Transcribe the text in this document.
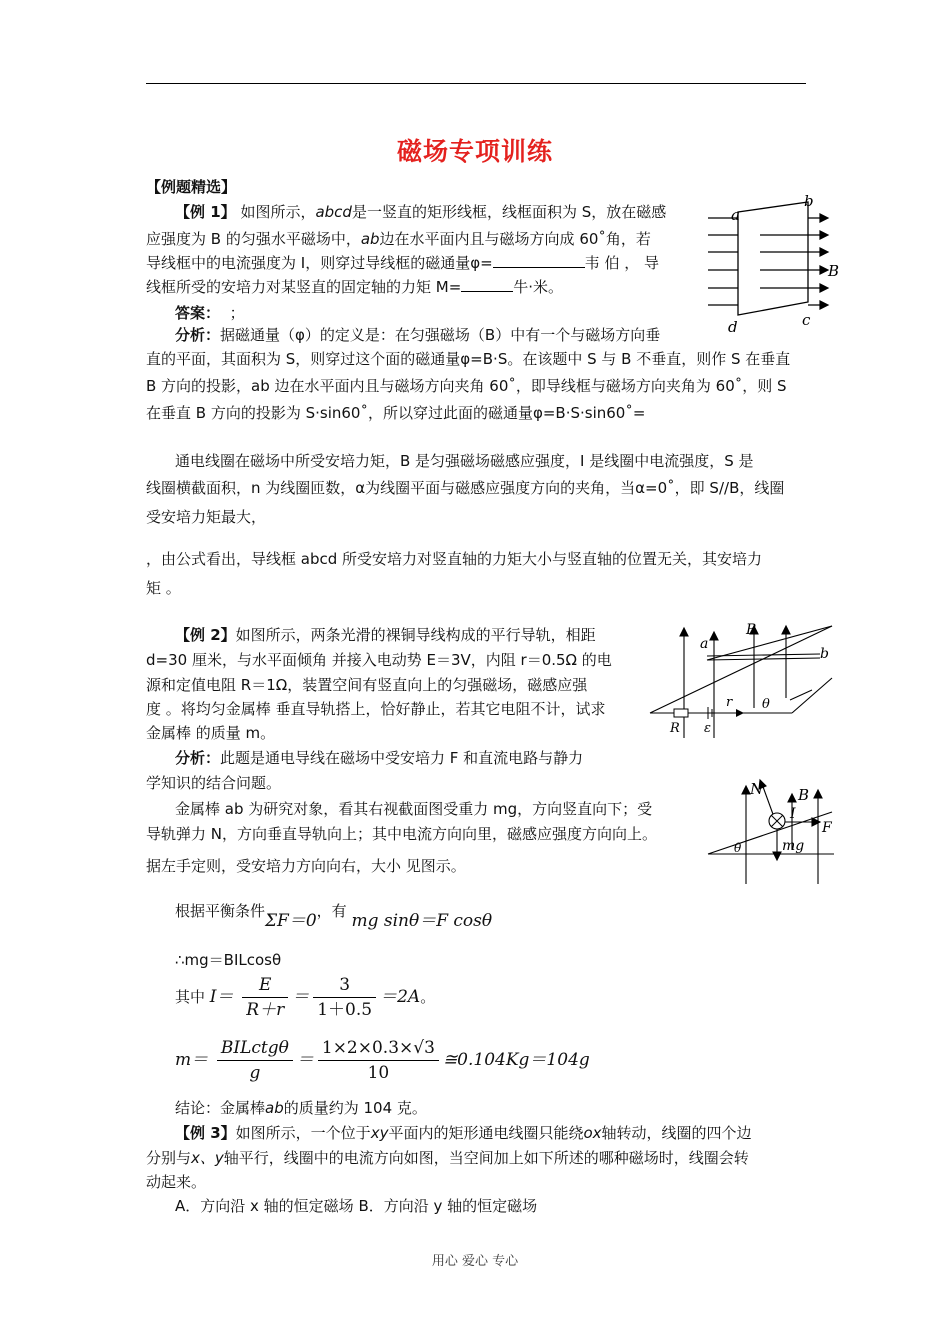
磁场专项训练
【例题精选】
【例 1】 如图所示，abcd是一竖直的矩形线框，线框面积为 S，放在磁感
应强度为 B 的匀强水平磁场中，ab边在水平面内且与磁场方向成 60˚角，若
导线框中的电流强度为 I，则穿过导线框的磁通量φ=	韦 伯 ， 导
线框所受的安培力对某竖直的固定轴的力矩 M=	牛·米。
答案： ；
分析：据磁通量（φ）的定义是：在匀强磁场（B）中有一个与磁场方向垂
直的平面，其面积为 S，则穿过这个面的磁通量φ=B·S。在该题中 S 与 B 不垂直，则作 S 在垂直
B 方向的投影，ab 边在水平面内且与磁场方向夹角 60˚，即导线框与磁场方向夹角为 60˚，则 S
在垂直 B 方向的投影为 S·sin60˚，所以穿过此面的磁通量φ=B·S·sin60˚=
通电线圈在磁场中所受安培力矩，B 是匀强磁场磁感应强度，I 是线圈中电流强度，S 是
线圈横截面积，n 为线圈匝数，α为线圈平面与磁感应强度方向的夹角，当α=0˚，即 S//B，线圈
受安培力矩最大，
，由公式看出，导线框 abcd 所受安培力对竖直轴的力矩大小与竖直轴的位置无关，其安培力
矩 。
a
b
c
d
B
【例 2】如图所示，两条光滑的裸铜导线构成的平行导轨，相距
d=30 厘米，与水平面倾角 并接入电动势 E＝3V，内阻 r＝0.5Ω 的电
源和定值电阻 R＝1Ω，装置空间有竖直向上的匀强磁场，磁感应强
度 。将均匀金属棒 垂直导轨搭上，恰好静止，若其它电阻不计，试求
金属棒 的质量 m。
分析：此题是通电导线在磁场中受安培力 F 和直流电路与静力
学知识的结合问题。
金属棒 ab 为研究对象，看其右视截面图受重力 mg，方向竖直向下；受
导轨弹力 N，方向垂直导轨向上；其中电流方向向里，磁感应强度方向向上。
据左手定则，受安培力方向向右，大小 见图示。
a
B
b
r θ
R ε
N B
I
F
mg
θ
根据平衡条件ΣF＝0，有 mg sinθ＝F cosθ
∴mg＝BILcosθ
其中 $I= \frac{E}{R+r} = \frac{3}{1+0.5} =2A$。
$m= \frac{\text{BILctgθ}}{g} = \frac{1\times 2\times 0.3\times√3}{10}$ ≅0.104Kg＝104g
结论：金属棒ab的质量约为 104 克。
【例 3】如图所示，一个位于xy平面内的矩形通电线圈只能绕ox轴转动，线圈的四个边
分别与x、y轴平行，线圈中的电流方向如图，当空间加上如下所述的哪种磁场时，线圈会转
动起来。
A．方向沿 x 轴的恒定磁场 B．方向沿 y 轴的恒定磁场
用心 爱心 专心
